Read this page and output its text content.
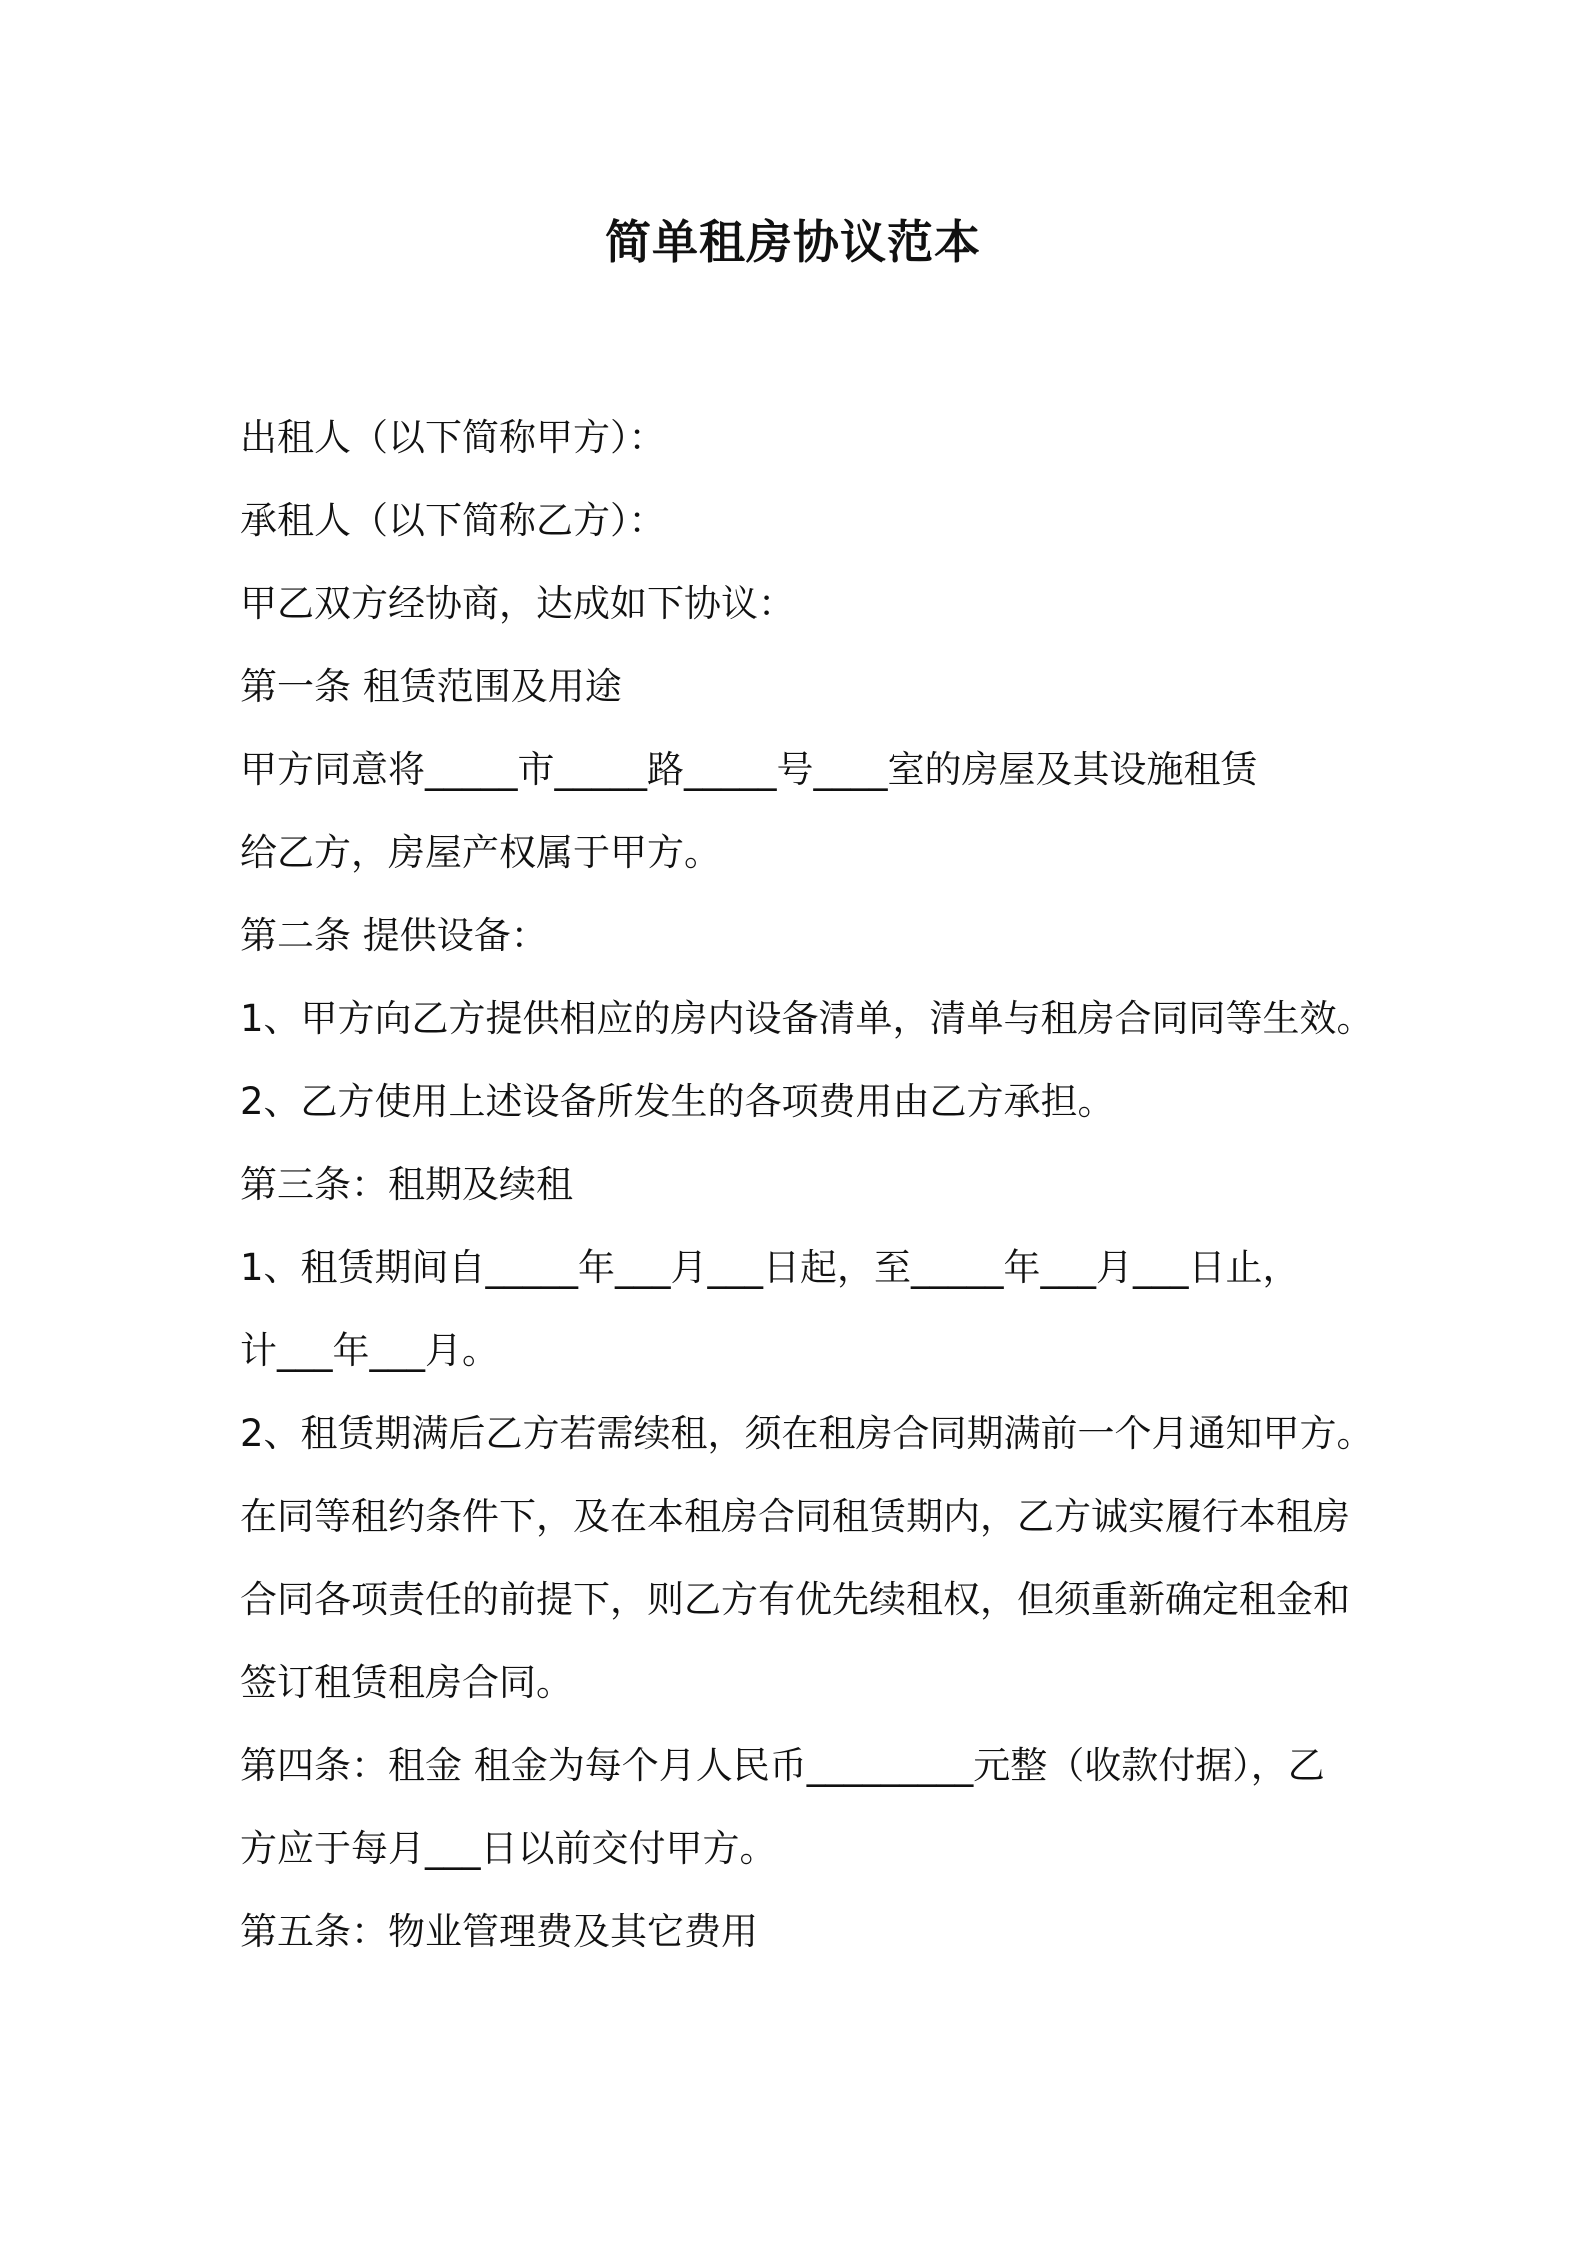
简单租房协议范本
出租人（以下简称甲方）：
承租人（以下简称乙方）：
甲乙双方经协商，达成如下协议：
第一条 租赁范围及用途
甲方同意将_____市_____路_____号____室的房屋及其设施租赁
给乙方，房屋产权属于甲方。
第二条 提供设备：
1、甲方向乙方提供相应的房内设备清单，清单与租房合同同等生效。
2、乙方使用上述设备所发生的各项费用由乙方承担。
第三条：租期及续租
1、租赁期间自_____年___月___日起，至_____年___月___日止，
计___年___月。
2、租赁期满后乙方若需续租，须在租房合同期满前一个月通知甲方。
在同等租约条件下，及在本租房合同租赁期内，乙方诚实履行本租房
合同各项责任的前提下，则乙方有优先续租权，但须重新确定租金和
签订租赁租房合同。
第四条：租金 租金为每个月人民币_________元整（收款付据），乙
方应于每月___日以前交付甲方。
第五条：物业管理费及其它费用
